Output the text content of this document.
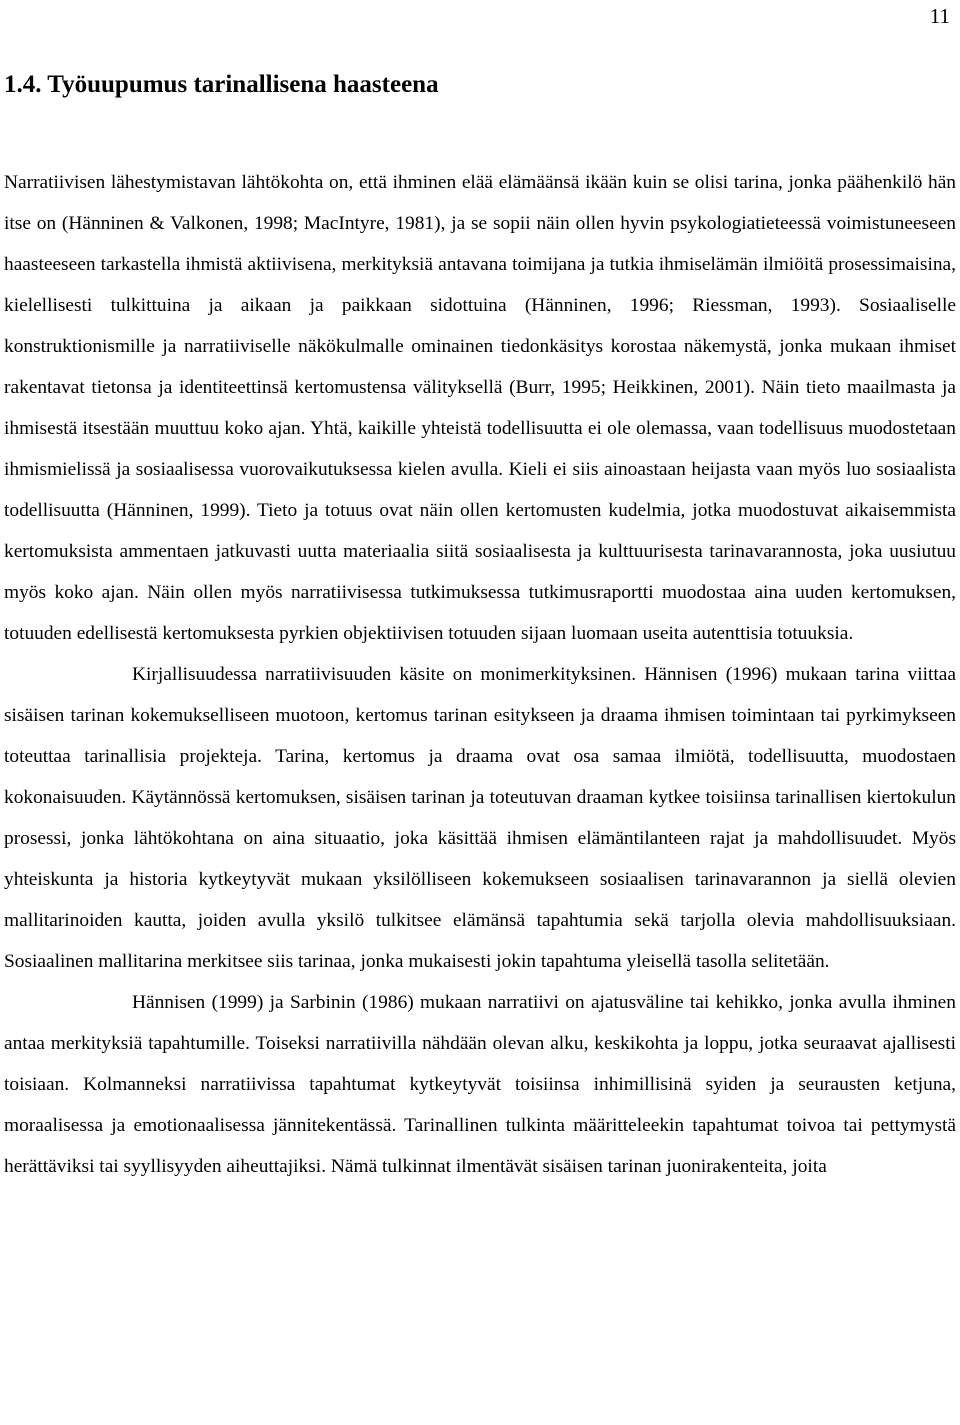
11
1.4. Työuupumus tarinallisena haasteena

Narratiivisen lähestymistavan lähtökohta on, että ihminen elää elämäänsä ikään kuin se olisi tarina, jonka päähenkilö hän itse on (Hänninen & Valkonen, 1998; MacIntyre, 1981), ja se sopii näin ollen hyvin psykologiatieteessä voimistuneeseen haasteeseen tarkastella ihmistä aktiivisena, merkityksiä antavana toimijana ja tutkia ihmiselämän ilmiöitä prosessimaisina, kielellisesti tulkittuina ja aikaan ja paikkaan sidottuina (Hänninen, 1996; Riessman, 1993). Sosiaaliselle konstruktionismille ja narratiiviselle näkökulmalle ominainen tiedonkäsitys korostaa näkemystä, jonka mukaan ihmiset rakentavat tietonsa ja identiteettinsä kertomustensa välityksellä (Burr, 1995; Heikkinen, 2001). Näin tieto maailmasta ja ihmisestä itsestään muuttuu koko ajan. Yhtä, kaikille yhteistä todellisuutta ei ole olemassa, vaan todellisuus muodostetaan ihmismielissä ja sosiaalisessa vuorovaikutuksessa kielen avulla. Kieli ei siis ainoastaan heijasta vaan myös luo sosiaalista todellisuutta (Hänninen, 1999). Tieto ja totuus ovat näin ollen kertomusten kudelmia, jotka muodostuvat aikaisemmista kertomuksista ammentaen jatkuvasti uutta materiaalia siitä sosiaalisesta ja kulttuurisesta tarinavarannosta, joka uusiutuu myös koko ajan. Näin ollen myös narratiivisessa tutkimuksessa tutkimusraportti muodostaa aina uuden kertomuksen, totuuden edellisestä kertomuksesta pyrkien objektiivisen totuuden sijaan luomaan useita autenttisia totuuksia.

Kirjallisuudessa narratiivisuuden käsite on monimerkityksinen. Hännisen (1996) mukaan tarina viittaa sisäisen tarinan kokemukselliseen muotoon, kertomus tarinan esitykseen ja draama ihmisen toimintaan tai pyrkimykseen toteuttaa tarinallisia projekteja. Tarina, kertomus ja draama ovat osa samaa ilmiötä, todellisuutta, muodostaen kokonaisuuden. Käytännössä kertomuksen, sisäisen tarinan ja toteutuvan draaman kytkee toisiinsa tarinallisen kiertokulun prosessi, jonka lähtökohtana on aina situaatio, joka käsittää ihmisen elämäntilanteen rajat ja mahdollisuudet. Myös yhteiskunta ja historia kytkeytyvät mukaan yksilölliseen kokemukseen sosiaalisen tarinavarannon ja siellä olevien mallitarinoiden kautta, joiden avulla yksilö tulkitsee elämänsä tapahtumia sekä tarjolla olevia mahdollisuuksiaan. Sosiaalinen mallitarina merkitsee siis tarinaa, jonka mukaisesti jokin tapahtuma yleisellä tasolla selitetään.

Hännisen (1999) ja Sarbinin (1986) mukaan narratiivi on ajatusväline tai kehikko, jonka avulla ihminen antaa merkityksiä tapahtumille. Toiseksi narratiivilla nähdään olevan alku, keskikohta ja loppu, jotka seuraavat ajallisesti toisiaan. Kolmanneksi narratiivissa tapahtumat kytkeytyvät toisiinsa inhimillisinä syiden ja seurausten ketjuna, moraalisessa ja emotionaalisessa jännitekentässä. Tarinallinen tulkinta määritteleekin tapahtumat toivoa tai pettymystä herättäviksi tai syyllisyyden aiheuttajiksi. Nämä tulkinnat ilmentävät sisäisen tarinan juonirakenteita, joita
